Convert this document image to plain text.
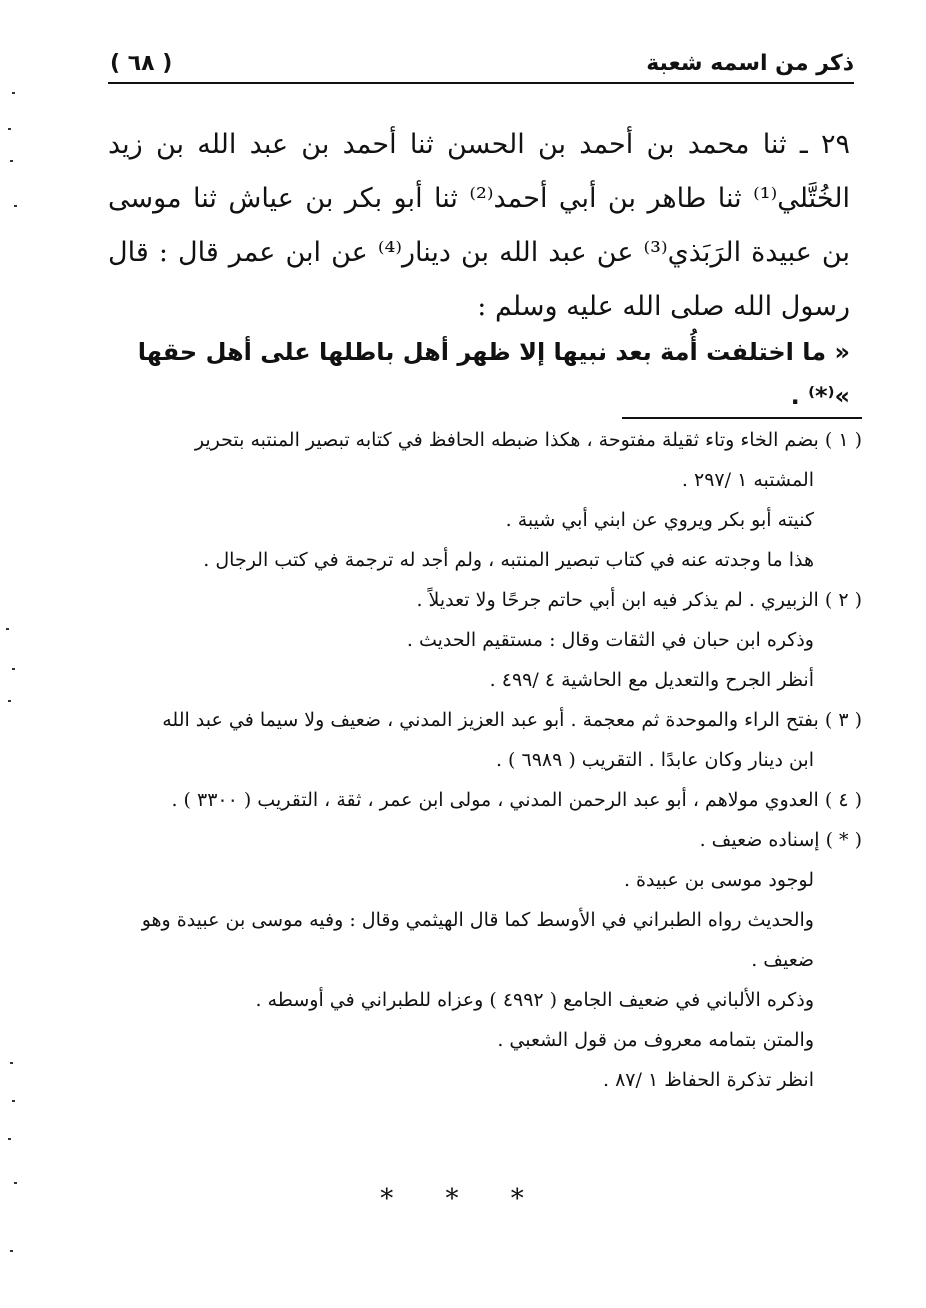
ذكر من اسمه شعبة
( ٦٨ )

٢٩ ـ ثنا محمد بن أحمد بن الحسن ثنا أحمد بن عبد الله بن زيد الخُتَّلي⁽¹⁾ ثنا طاهر بن أبي أحمد⁽²⁾ ثنا أبو بكر بن عياش ثنا موسى بن عبيدة الرَبَذي⁽³⁾ عن عبد الله بن دينار⁽⁴⁾ عن ابن عمر قال : قال رسول الله صلى الله عليه وسلم :

« ما اختلفت أُمة بعد نبيها إلا ظهر أهل باطلها على أهل حقها »⁽*⁾ .

( ١ ) بضم الخاء وتاء ثقيلة مفتوحة ، هكذا ضبطه الحافظ في كتابه تبصير المنتبه بتحرير

المشتبه ١ /٢٩٧ .

كنيته أبو بكر ويروي عن ابني أبي شيبة .

هذا ما وجدته عنه في كتاب تبصير المنتبه ، ولم أجد له ترجمة في كتب الرجال .

( ٢ ) الزبيري . لم يذكر فيه ابن أبي حاتم جرحًا ولا تعديلاً .

وذكره ابن حبان في الثقات وقال : مستقيم الحديث .

أنظر الجرح والتعديل مع الحاشية ٤ /٤٩٩ .

( ٣ ) بفتح الراء والموحدة ثم معجمة . أبو عبد العزيز المدني ، ضعيف ولا سيما في عبد الله

ابن دينار وكان عابدًا . التقريب ( ٦٩٨٩ ) .

( ٤ ) العدوي مولاهم ، أبو عبد الرحمن المدني ، مولى ابن عمر ، ثقة ، التقريب ( ٣٣٠٠ ) .

( * ) إسناده ضعيف .

لوجود موسى بن عبيدة .

والحديث رواه الطبراني في الأوسط كما قال الهيثمي وقال : وفيه موسى بن عبيدة وهو

ضعيف .

وذكره الألباني في ضعيف الجامع ( ٤٩٩٢ ) وعزاه للطبراني في أوسطه .

والمتن بتمامه معروف من قول الشعبي .

انظر تذكرة الحفاظ ١ /٨٧ .

* * *
